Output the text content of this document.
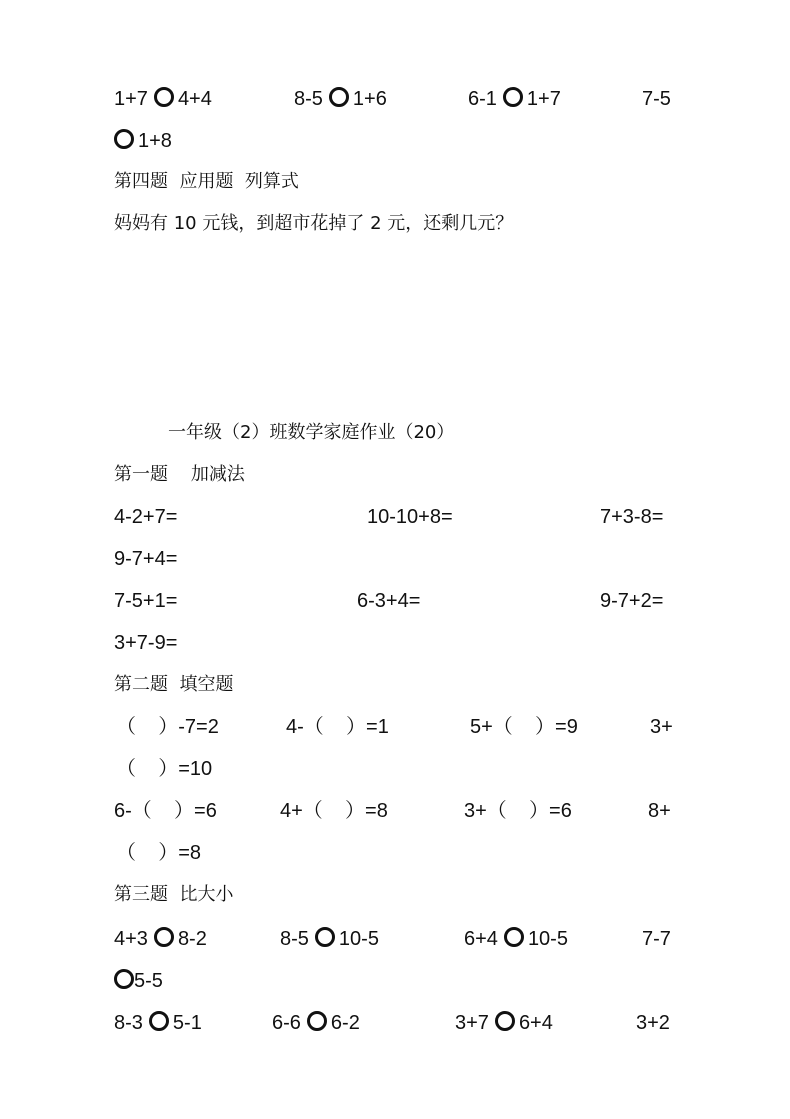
1+7 4+4	8-5 1+6	6-1 1+7	7-5
1+8
第四题  应用题  列算式
妈妈有 10 元钱，到超市花掉了 2 元，还剩几元？
一年级（2）班数学家庭作业（20）
第一题    加减法
4-2+7=	10-10+8=	7+3-8=
9-7+4=
7-5+1=	6-3+4=	9-7+2=
3+7-9=
第二题  填空题
（    ）-7=2	4-（    ）=1	5+（    ）=9	3+
（    ）=10
6-（    ）=6	4+（    ）=8	3+（    ）=6	8+
（    ）=8
第三题  比大小
4+3 8-2	8-5 10-5	6+4 10-5	7-7
5-5
8-3 5-1	6-6 6-2	3+7 6+4	3+2
